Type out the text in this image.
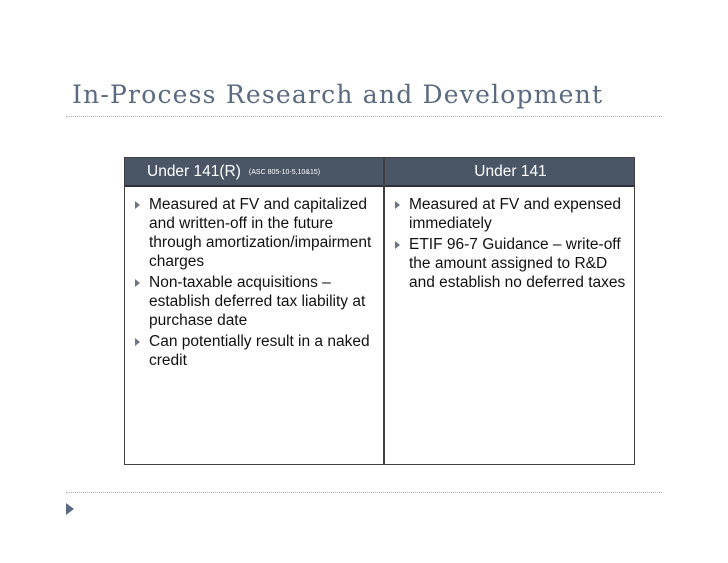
In-Process Research and Development
Under 141(R) $^{(ASC 805-10-5,10\&15)}$	Under 141
Measured at FV and capitalized and written-off in the future through amortization/impairment charges
Non-taxable acquisitions – establish deferred tax liability at purchase date
Can potentially result in a naked credit
Measured at FV and expensed immediately
ETIF 96-7 Guidance – write-off the amount assigned to R&D and establish no deferred taxes
